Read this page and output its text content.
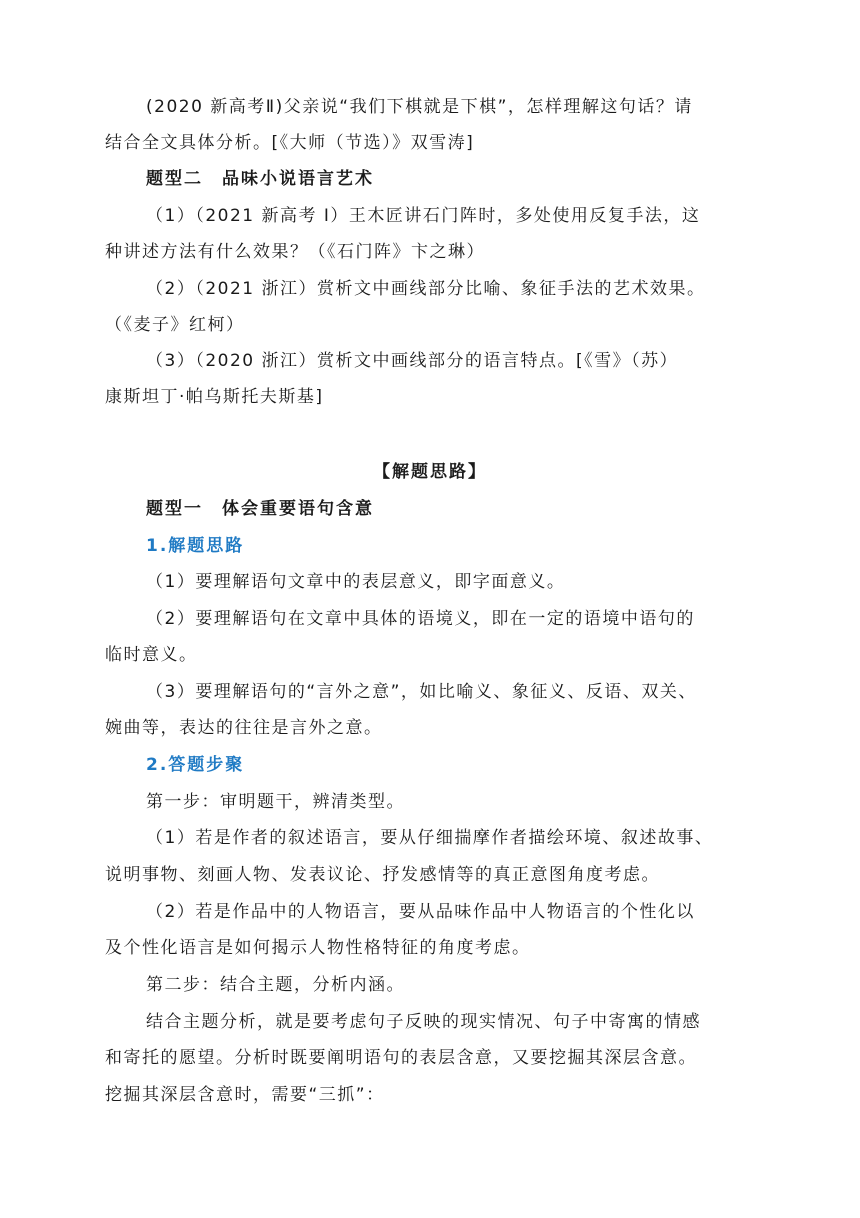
(2020 新高考Ⅱ)父亲说“我们下棋就是下棋”，怎样理解这句话？请
结合全文具体分析。[《大师（节选）》双雪涛]
题型二　品味小说语言艺术
（1）（2021 新高考 I）王木匠讲石门阵时，多处使用反复手法，这
种讲述方法有什么效果？（《石门阵》卞之琳）
（2）（2021 浙江）赏析文中画线部分比喻、象征手法的艺术效果。
（《麦子》红柯）
（3）（2020 浙江）赏析文中画线部分的语言特点。[《雪》（苏）
康斯坦丁·帕乌斯托夫斯基]
【解题思路】
题型一　体会重要语句含意
1.解题思路
（1）要理解语句文章中的表层意义，即字面意义。
（2）要理解语句在文章中具体的语境义，即在一定的语境中语句的
临时意义。
（3）要理解语句的“言外之意”，如比喻义、象征义、反语、双关、
婉曲等，表达的往往是言外之意。
2.答题步聚
第一步：审明题干，辨清类型。
（1）若是作者的叙述语言，要从仔细揣摩作者描绘环境、叙述故事、
说明事物、刻画人物、发表议论、抒发感情等的真正意图角度考虑。
（2）若是作品中的人物语言，要从品味作品中人物语言的个性化以
及个性化语言是如何揭示人物性格特征的角度考虑。
第二步：结合主题，分析内涵。
结合主题分析，就是要考虑句子反映的现实情况、句子中寄寓的情感
和寄托的愿望。分析时既要阐明语句的表层含意，又要挖掘其深层含意。
挖掘其深层含意时，需要“三抓”：
